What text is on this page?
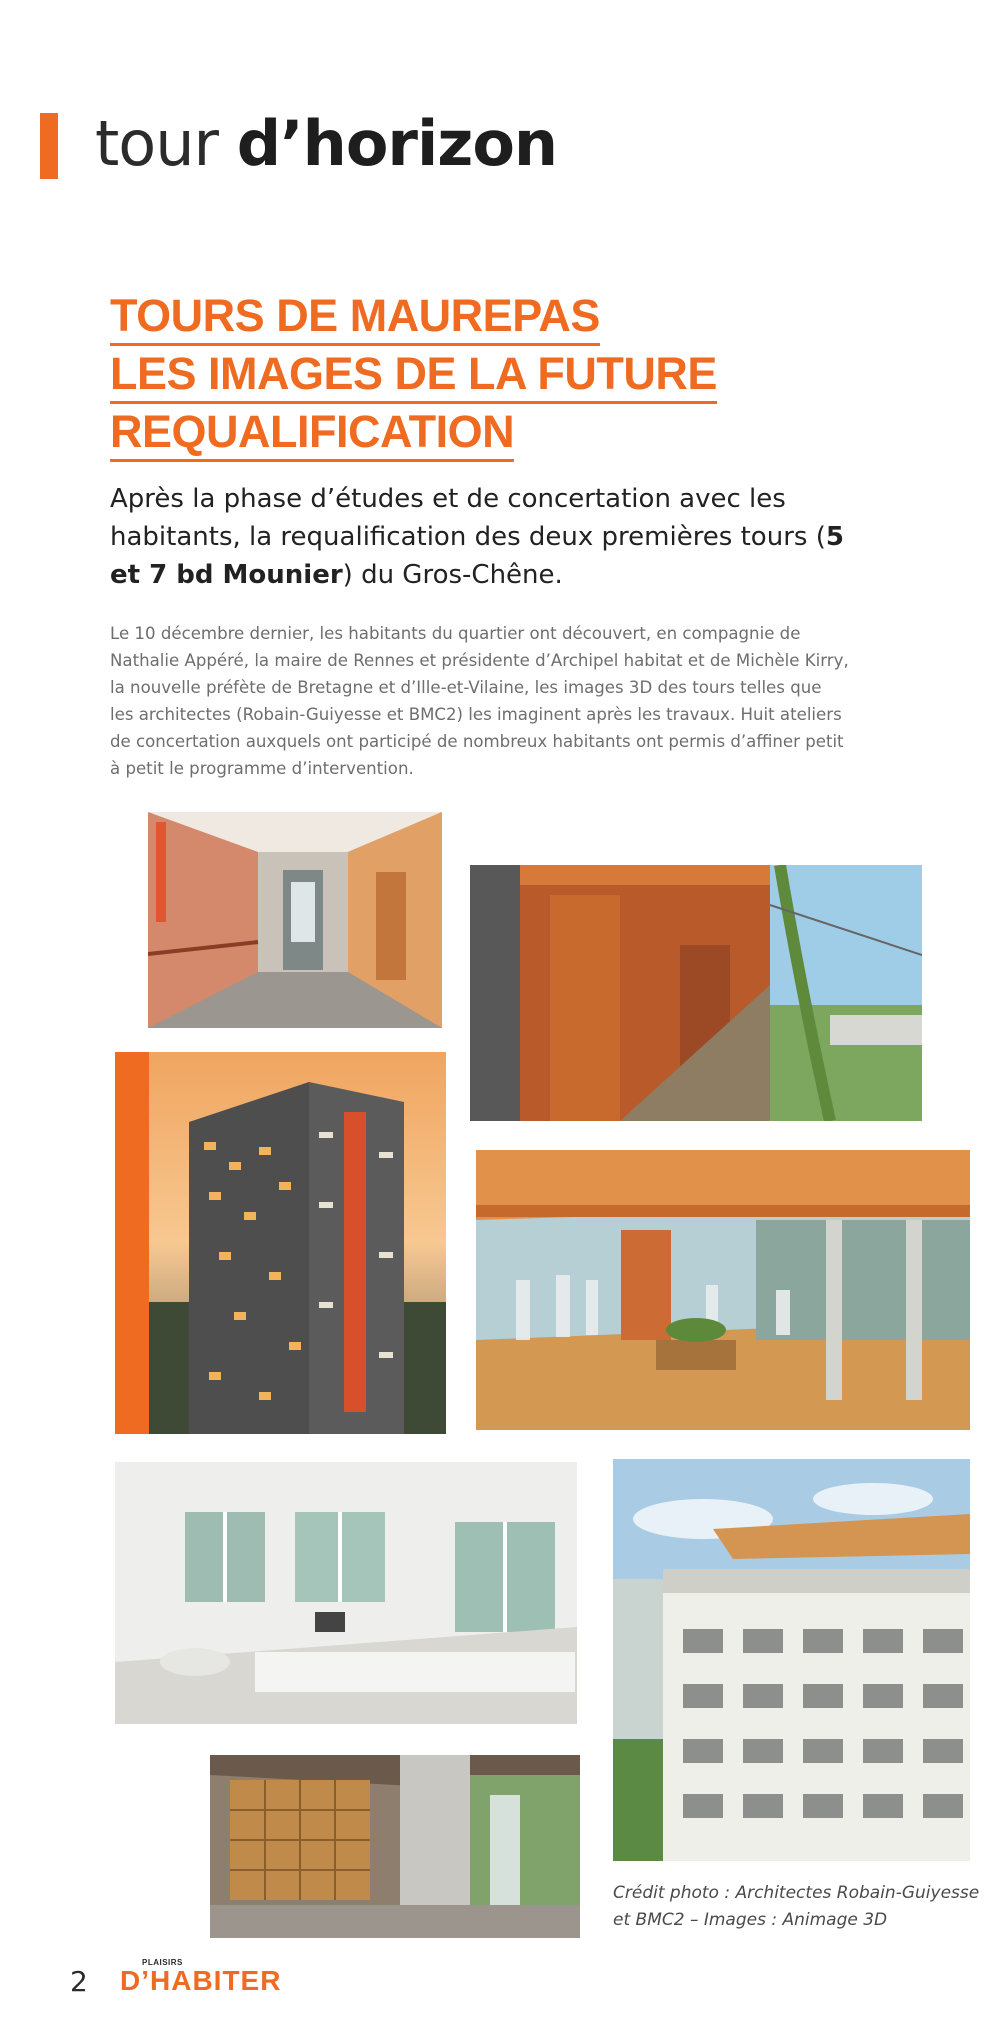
tour d’horizon
TOURS DE MAUREPAS
LES IMAGES DE LA FUTURE
REQUALIFICATION
Après la phase d’études et de concertation avec les habitants, la requalification des deux premières tours (5 et 7 bd Mounier) du Gros-Chêne.
Le 10 décembre dernier, les habitants du quartier ont découvert, en compagnie de Nathalie Appéré, la maire de Rennes et présidente d’Archipel habitat et de Michèle Kirry, la nouvelle préfète de Bretagne et d’Ille-et-Vilaine, les images 3D des tours telles que les architectes (Robain-Guiyesse et BMC2) les imaginent après les travaux. Huit ateliers de concertation auxquels ont participé de nombreux habitants ont permis d’affiner petit à petit le programme d’intervention.
Crédit photo : Architectes Robain-Guiyesse et BMC2 – Images : Animage 3D
2
PLAISIRS
D’HABITER
